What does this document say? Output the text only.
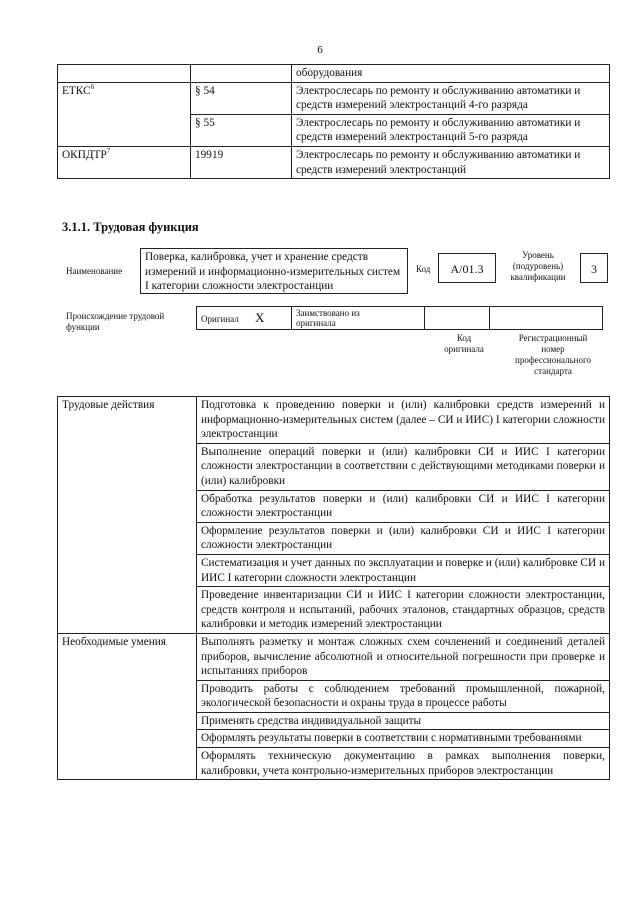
6
		оборудования
ЕТКС$^6$	§ 54	Электрослесарь по ремонту и обслуживанию автоматики и средств измерений электростанций 4-го разряда
	§ 55	Электрослесарь по ремонту и обслуживанию автоматики и средств измерений электростанций 5-го разряда
ОКПДТР$^7$	19919	Электрослесарь по ремонту и обслуживанию автоматики и средств измерений электростанций
3.1.1. Трудовая функция
Наименование
Поверка, калибровка, учет и хранение средств измерений и информационно-измерительных систем I категории сложности электростанции
Код	A/01.3
Уровень
(подуровень)
квалификации
3
Происхождение трудовой
функции
Оригинал X	Заимствовано из
оригинала

Код
оригинала
Регистрационный
номер
профессионального
стандарта
Трудовые действия	Подготовка к проведению поверки и (или) калибровки средств измерений и информационно-измерительных систем (далее – СИ и ИИС) I категории сложности электростанции
	Выполнение операций поверки и (или) калибровки СИ и ИИС I категории сложности электростанции в соответствии с действующими методиками поверки и (или) калибровки
	Обработка результатов поверки и (или) калибровки СИ и ИИС I категории сложности электростанции
	Оформление результатов поверки и (или) калибровки СИ и ИИС I категории сложности электростанции
	Систематизация и учет данных по эксплуатации и поверке и (или) калибровке СИ и ИИС I категории сложности электростанции
	Проведение инвентаризации СИ и ИИС I категории сложности электростанции, средств контроля и испытаний, рабочих эталонов, стандартных образцов, средств калибровки и методик измерений электростанции
Необходимые умения	Выполнять разметку и монтаж сложных схем сочленений и соединений деталей приборов, вычисление абсолютной и относительной погрешности при проверке и испытаниях приборов
	Проводить работы с соблюдением требований промышленной, пожарной, экологической безопасности и охраны труда в процессе работы
	Применять средства индивидуальной защиты
	Оформлять результаты поверки в соответствии с нормативными требованиями
	Оформлять техническую документацию в рамках выполнения поверки, калибровки, учета контрольно-измерительных приборов электростанции
